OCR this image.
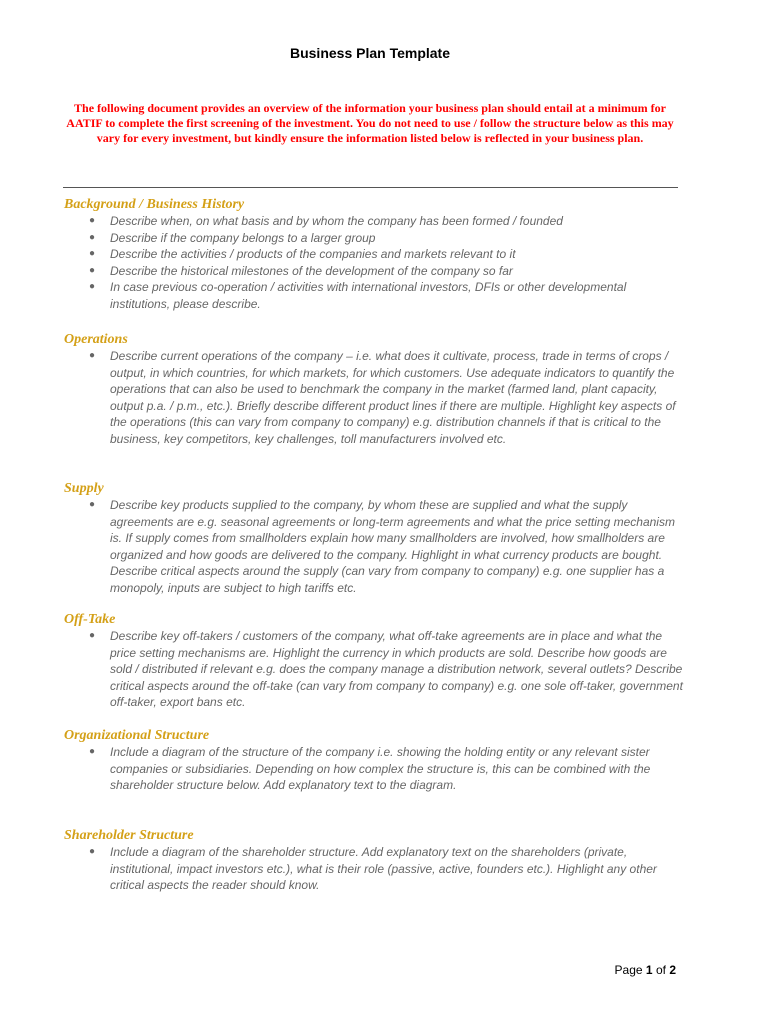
Business Plan Template
The following document provides an overview of the information your business plan should entail at a minimum for AATIF to complete the first screening of the investment. You do not need to use / follow the structure below as this may vary for every investment, but kindly ensure the information listed below is reflected in your business plan.
Background / Business History
● Describe when, on what basis and by whom the company has been formed / founded
● Describe if the company belongs to a larger group
● Describe the activities / products of the companies and markets relevant to it
● Describe the historical milestones of the development of the company so far
● In case previous co-operation / activities with international investors, DFIs or other developmental institutions, please describe.
Operations
● Describe current operations of the company – i.e. what does it cultivate, process, trade in terms of crops / output, in which countries, for which markets, for which customers. Use adequate indicators to quantify the operations that can also be used to benchmark the company in the market (farmed land, plant capacity, output p.a. / p.m., etc.). Briefly describe different product lines if there are multiple. Highlight key aspects of the operations (this can vary from company to company) e.g. distribution channels if that is critical to the business, key competitors, key challenges, toll manufacturers involved etc.
Supply
● Describe key products supplied to the company, by whom these are supplied and what the supply agreements are e.g. seasonal agreements or long-term agreements and what the price setting mechanism is. If supply comes from smallholders explain how many smallholders are involved, how smallholders are organized and how goods are delivered to the company. Highlight in what currency products are bought. Describe critical aspects around the supply (can vary from company to company) e.g. one supplier has a monopoly, inputs are subject to high tariffs etc.
Off-Take
● Describe key off-takers / customers of the company, what off-take agreements are in place and what the price setting mechanisms are. Highlight the currency in which products are sold. Describe how goods are sold / distributed if relevant e.g. does the company manage a distribution network, several outlets? Describe critical aspects around the off-take (can vary from company to company) e.g. one sole off-taker, government off-taker, export bans etc.
Organizational Structure
● Include a diagram of the structure of the company i.e. showing the holding entity or any relevant sister companies or subsidiaries. Depending on how complex the structure is, this can be combined with the shareholder structure below. Add explanatory text to the diagram.
Shareholder Structure
● Include a diagram of the shareholder structure. Add explanatory text on the shareholders (private, institutional, impact investors etc.), what is their role (passive, active, founders etc.). Highlight any other critical aspects the reader should know.
Page 1 of 2
